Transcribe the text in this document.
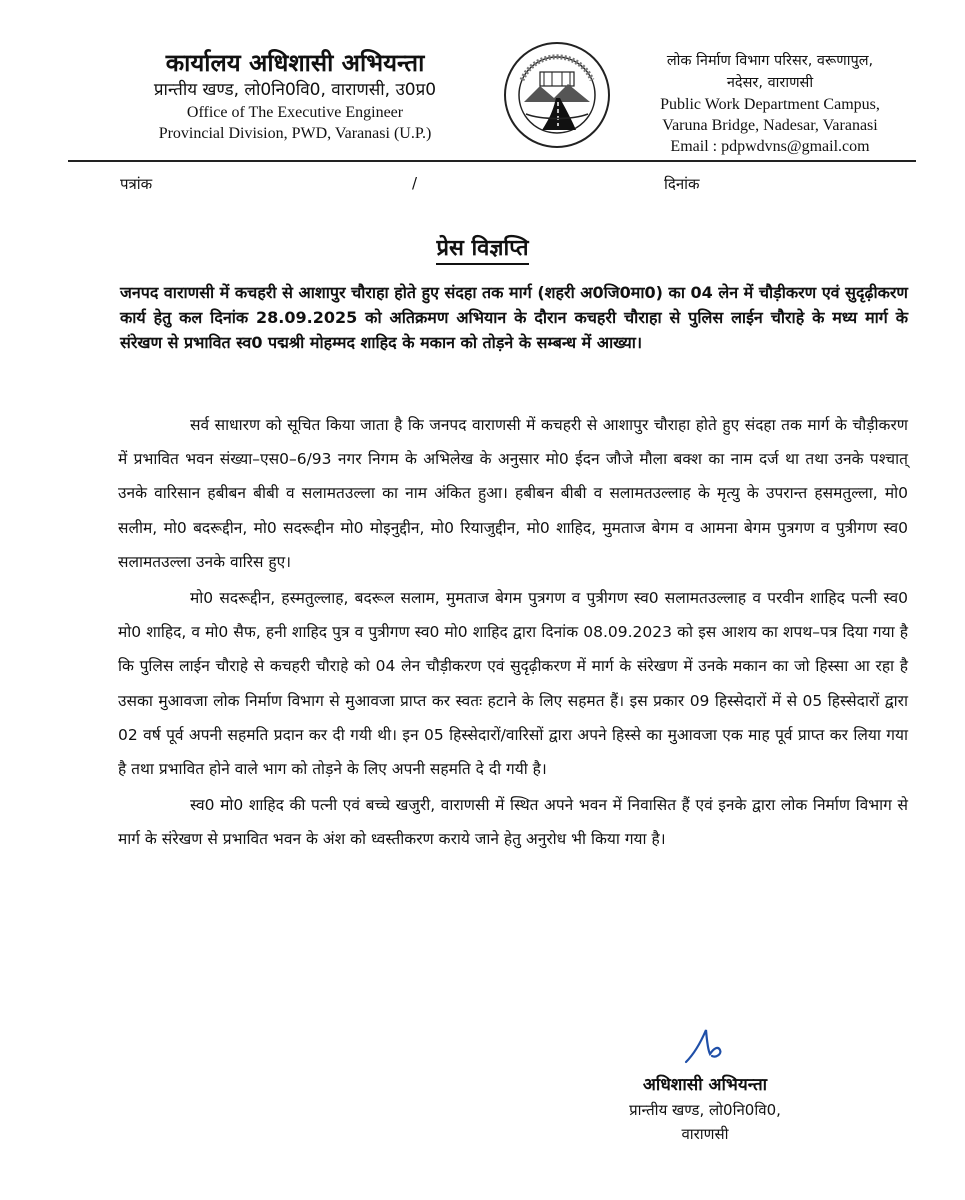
कार्यालय अधिशासी अभियन्ता
प्रान्तीय खण्ड, लो0नि0वि0, वाराणसी, उ0प्र0
Office of The Executive Engineer
Provincial Division, PWD, Varanasi (U.P.)
लोक निर्माण विभाग परिसर, वरूणापुल,
नदेसर, वाराणसी
Public Work Department Campus,
Varuna Bridge, Nadesar, Varanasi
Email : pdpwdvns@gmail.com
पत्रांक	/	दिनांक
प्रेस विज्ञप्ति
जनपद वाराणसी में कचहरी से आशापुर चौराहा होते हुए संदहा तक मार्ग (शहरी अ0जि0मा0) का 04 लेन में चौड़ीकरण एवं सुदृढ़ीकरण कार्य हेतु कल दिनांक 28.09.2025 को अतिक्रमण अभियान के दौरान कचहरी चौराहा से पुलिस लाईन चौराहे के मध्य मार्ग के संरेखण से प्रभावित स्व0 पद्मश्री मोहम्मद शाहिद के मकान को तोड़ने के सम्बन्ध में आख्या।

सर्व साधारण को सूचित किया जाता है कि जनपद वाराणसी में कचहरी से आशापुर चौराहा होते हुए संदहा तक मार्ग के चौड़ीकरण में प्रभावित भवन संख्या–एस0–6/93 नगर निगम के अभिलेख के अनुसार मो0 ईदन जौजे मौला बक्श का नाम दर्ज था तथा उनके पश्चात् उनके वारिसान हबीबन बीबी व सलामतउल्ला का नाम अंकित हुआ। हबीबन बीबी व सलामतउल्लाह के मृत्यु के उपरान्त हसमतुल्ला, मो0 सलीम, मो0 बदरूद्दीन, मो0 सदरूद्दीन मो0 मोइनुद्दीन, मो0 रियाजुद्दीन, मो0 शाहिद, मुमताज बेगम व आमना बेगम पुत्रगण व पुत्रीगण स्व0 सलामतउल्ला उनके वारिस हुए।

मो0 सदरूद्दीन, हस्मतुल्लाह, बदरूल सलाम, मुमताज बेगम पुत्रगण व पुत्रीगण स्व0 सलामतउल्लाह व परवीन शाहिद पत्नी स्व0 मो0 शाहिद, व मो0 सैफ, हनी शाहिद पुत्र व पुत्रीगण स्व0 मो0 शाहिद द्वारा दिनांक 08.09.2023 को इस आशय का शपथ–पत्र दिया गया है कि पुलिस लाईन चौराहे से कचहरी चौराहे को 04 लेन चौड़ीकरण एवं सुदृढ़ीकरण में मार्ग के संरेखण में उनके मकान का जो हिस्सा आ रहा है उसका मुआवजा लोक निर्माण विभाग से मुआवजा प्राप्त कर स्वतः हटाने के लिए सहमत हैं। इस प्रकार 09 हिस्सेदारों में से 05 हिस्सेदारों द्वारा 02 वर्ष पूर्व अपनी सहमति प्रदान कर दी गयी थी। इन 05 हिस्सेदारों/वारिसों द्वारा अपने हिस्से का मुआवजा एक माह पूर्व प्राप्त कर लिया गया है तथा प्रभावित होने वाले भाग को तोड़ने के लिए अपनी सहमति दे दी गयी है।

स्व0 मो0 शाहिद की पत्नी एवं बच्चे खजुरी, वाराणसी में स्थित अपने भवन में निवासित हैं एवं इनके द्वारा लोक निर्माण विभाग से मार्ग के संरेखण से प्रभावित भवन के अंश को ध्वस्तीकरण कराये जाने हेतु अनुरोध भी किया गया है।

अधिशासी अभियन्ता
प्रान्तीय खण्ड, लो0नि0वि0,
वाराणसी
